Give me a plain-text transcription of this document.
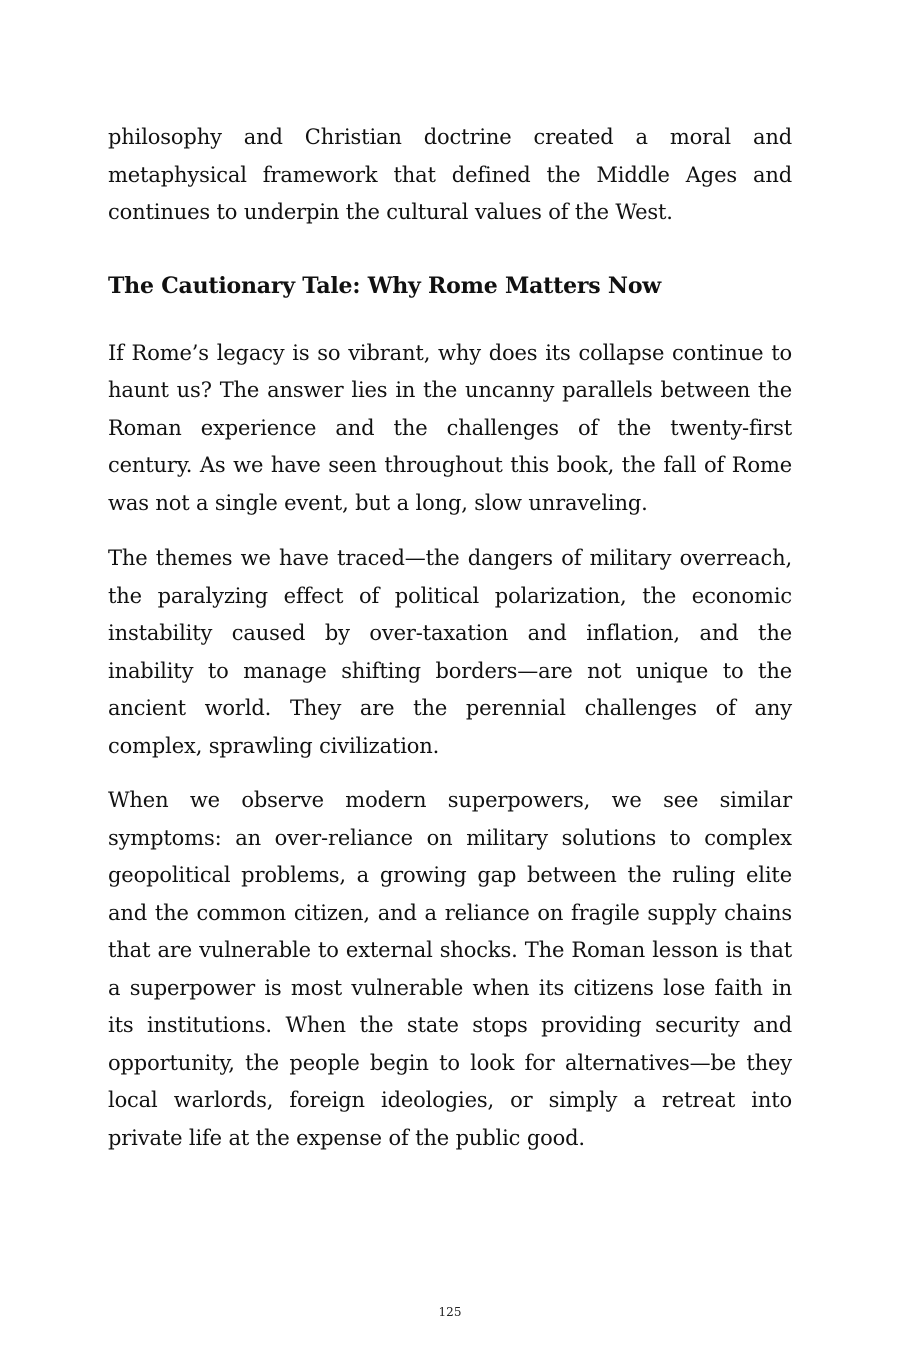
philosophy and Christian doctrine created a moral and metaphysical framework that defined the Middle Ages and continues to underpin the cultural values of the West.

The Cautionary Tale: Why Rome Matters Now

If Rome’s legacy is so vibrant, why does its collapse continue to haunt us? The answer lies in the uncanny parallels between the Roman experience and the challenges of the twenty-first century. As we have seen throughout this book, the fall of Rome was not a single event, but a long, slow unraveling.

The themes we have traced—the dangers of military overreach, the paralyzing effect of political polarization, the economic instability caused by over-taxation and inflation, and the inability to manage shifting borders—are not unique to the ancient world. They are the perennial challenges of any complex, sprawling civilization.

When we observe modern superpowers, we see similar symptoms: an over-reliance on military solutions to complex geopolitical problems, a growing gap between the ruling elite and the common citizen, and a reliance on fragile supply chains that are vulnerable to external shocks. The Roman lesson is that a superpower is most vulnerable when its citizens lose faith in its institutions. When the state stops providing security and opportunity, the people begin to look for alternatives—be they local warlords, foreign ideologies, or simply a retreat into private life at the expense of the public good.

125
